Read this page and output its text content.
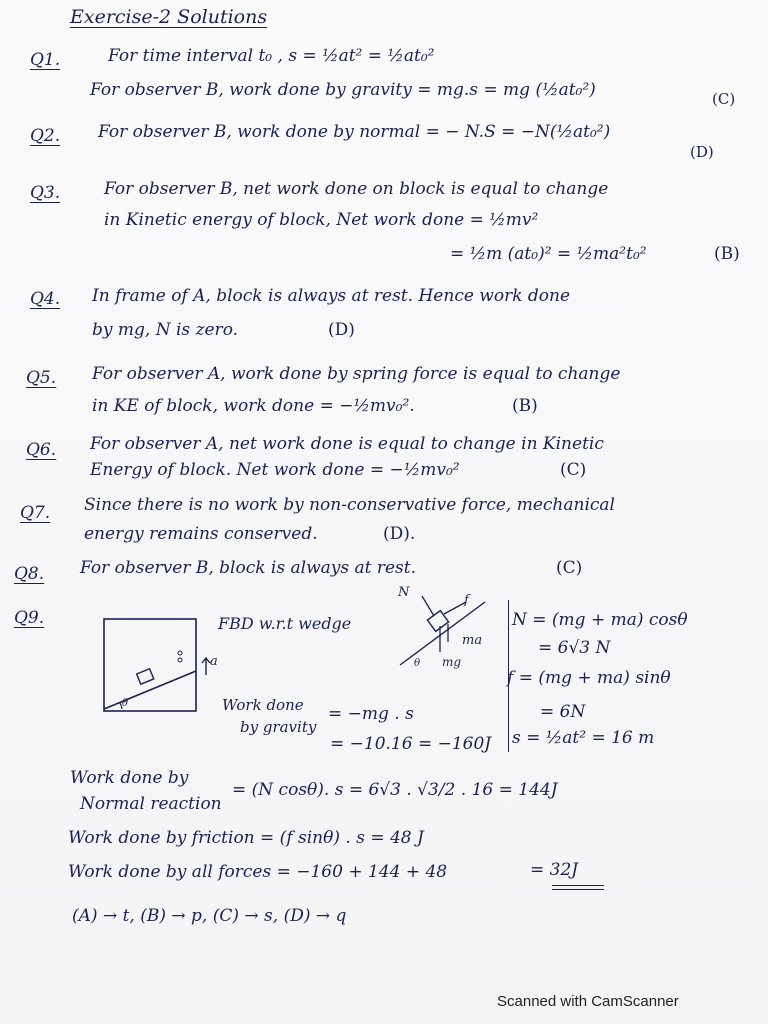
Exercise-2 Solutions
Q1.	For time interval t₀ , s = ½at² = ½at₀²
For observer B, work done by gravity = mg.s = mg (½at₀²)	(C)
Q2. For observer B, work done by normal = − N.S = −N(½at₀²)
(D)
Q3.	For observer B, net work done on block is equal to change
in Kinetic energy of block, Net work done = ½mv²
= ½m (at₀)² = ½ma²t₀²	(B)
Q4. In frame of A, block is always at rest. Hence work done
by mg, N is zero.	(D)
Q5. For observer A, work done by spring force is equal to change
in KE of block, work done = −½mv₀².	(B)
Q6. For observer A, net work done is equal to change in Kinetic
Energy of block. Net work done = −½mv₀²	(C)
Q7. Since there is no work by non-conservative force, mechanical
energy remains conserved.	(D).
Q8. For observer B, block is always at rest.	(C)
Q9.
a
θ
FBD w.r.t wedge
N
f
ma
mg
θ
N = (mg + ma) cosθ
= 6√3 N
f = (mg + ma) sinθ
= 6N
s = ½at² = 16 m
Work done
by gravity
= −mg . s
= −10.16 = −160J
Work done by
Normal reaction
= (N cosθ). s = 6√3 . √3/2 . 16 = 144J
Work done by friction = (f sinθ) . s = 48 J
Work done by all forces = −160 + 144 + 48	= 32J
(A) → t, (B) → p, (C) → s, (D) → q
Scanned with CamScanner
